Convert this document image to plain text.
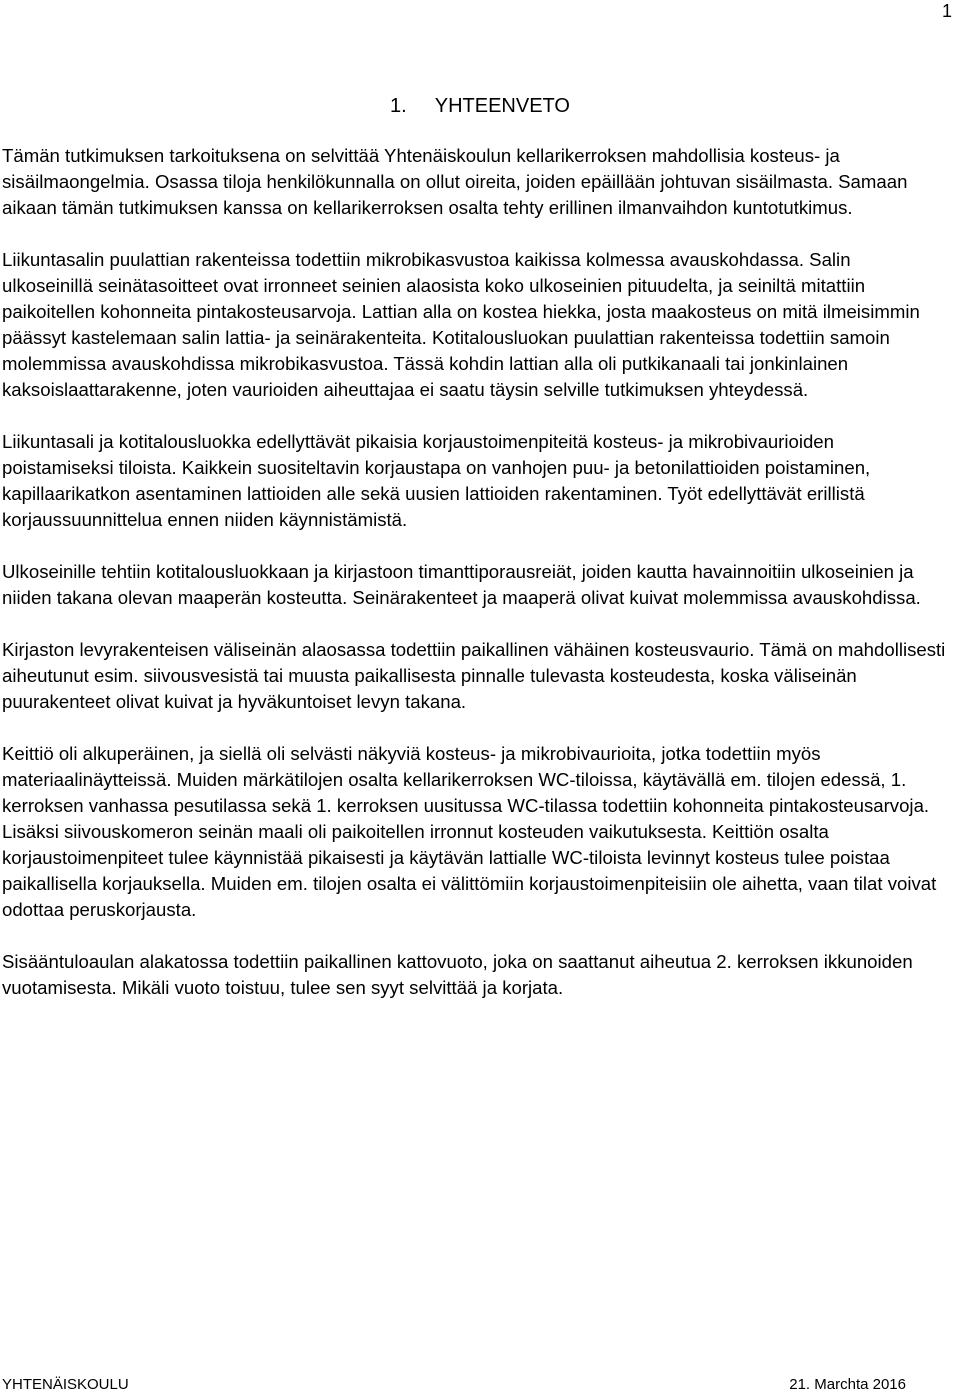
1
1. YHTEENVETO

Tämän tutkimuksen tarkoituksena on selvittää Yhtenäiskoulun kellarikerroksen mahdollisia kosteus- ja sisäilmaongelmia. Osassa tiloja henkilökunnalla on ollut oireita, joiden epäillään johtuvan sisäilmasta. Samaan aikaan tämän tutkimuksen kanssa on kellarikerroksen osalta tehty erillinen ilmanvaihdon kuntotutkimus.

Liikuntasalin puulattian rakenteissa todettiin mikrobikasvustoa kaikissa kolmessa avauskohdassa. Salin ulkoseinillä seinätasoitteet ovat irronneet seinien alaosista koko ulkoseinien pituudelta, ja seiniltä mitattiin paikoitellen kohonneita pintakosteusarvoja. Lattian alla on kostea hiekka, josta maakosteus on mitä ilmeisimmin päässyt kastelemaan salin lattia- ja seinärakenteita. Kotitalousluokan puulattian rakenteissa todettiin samoin molemmissa avauskohdissa mikrobikasvustoa. Tässä kohdin lattian alla oli putkikanaali tai jonkinlainen kaksoislaattarakenne, joten vaurioiden aiheuttajaa ei saatu täysin selville tutkimuksen yhteydessä.

Liikuntasali ja kotitalousluokka edellyttävät pikaisia korjaustoimenpiteitä kosteus- ja mikrobivaurioiden poistamiseksi tiloista. Kaikkein suositeltavin korjaustapa on vanhojen puu- ja betonilattioiden poistaminen, kapillaarikatkon asentaminen lattioiden alle sekä uusien lattioiden rakentaminen. Työt edellyttävät erillistä korjaussuunnittelua ennen niiden käynnistämistä.

Ulkoseinille tehtiin kotitalousluokkaan ja kirjastoon timanttiporausreiät, joiden kautta havainnoitiin ulkoseinien ja niiden takana olevan maaperän kosteutta. Seinärakenteet ja maaperä olivat kuivat molemmissa avauskohdissa.

Kirjaston levyrakenteisen väliseinän alaosassa todettiin paikallinen vähäinen kosteusvaurio. Tämä on mahdollisesti aiheutunut esim. siivousvesistä tai muusta paikallisesta pinnalle tulevasta kosteudesta, koska väliseinän puurakenteet olivat kuivat ja hyväkuntoiset levyn takana.

Keittiö oli alkuperäinen, ja siellä oli selvästi näkyviä kosteus- ja mikrobivaurioita, jotka todettiin myös materiaalinäytteissä. Muiden märkätilojen osalta kellarikerroksen WC-tiloissa, käytävällä em. tilojen edessä, 1. kerroksen vanhassa pesutilassa sekä 1. kerroksen uusitussa WC-tilassa todettiin kohonneita pintakosteusarvoja. Lisäksi siivouskomeron seinän maali oli paikoitellen irronnut kosteuden vaikutuksesta. Keittiön osalta korjaustoimenpiteet tulee käynnistää pikaisesti ja käytävän lattialle WC-tiloista levinnyt kosteus tulee poistaa paikallisella korjauksella. Muiden em. tilojen osalta ei välittömiin korjaustoimenpiteisiin ole aihetta, vaan tilat voivat odottaa peruskorjausta.

Sisääntuloaulan alakatossa todettiin paikallinen kattovuoto, joka on saattanut aiheutua 2. kerroksen ikkunoiden vuotamisesta. Mikäli vuoto toistuu, tulee sen syyt selvittää ja korjata.

YHTENÄISKOULU	21. Marchta 2016
